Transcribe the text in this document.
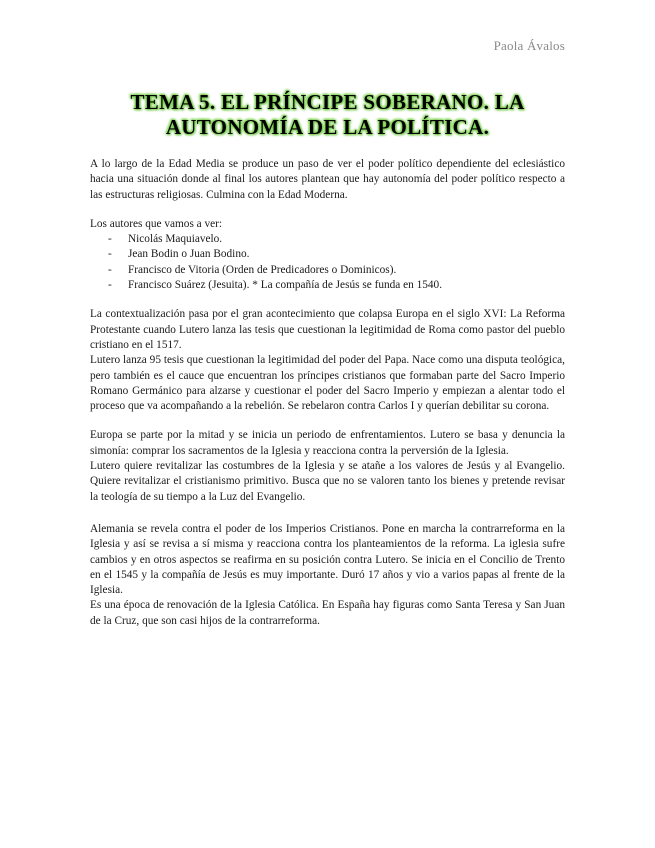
Paola Ávalos
TEMA 5. EL PRÍNCIPE SOBERANO. LA AUTONOMÍA DE LA POLÍTICA.

A lo largo de la Edad Media se produce un paso de ver el poder político dependiente del eclesiástico hacia una situación donde al final los autores plantean que hay autonomía del poder político respecto a las estructuras religiosas. Culmina con la Edad Moderna.

Los autores que vamos a ver:

- Nicolás Maquiavelo.
- Jean Bodin o Juan Bodino.
- Francisco de Vitoria (Orden de Predicadores o Dominicos).
- Francisco Suárez (Jesuita). * La compañía de Jesús se funda en 1540.

La contextualización pasa por el gran acontecimiento que colapsa Europa en el siglo XVI: La Reforma Protestante cuando Lutero lanza las tesis que cuestionan la legitimidad de Roma como pastor del pueblo cristiano en el 1517.

Lutero lanza 95 tesis que cuestionan la legitimidad del poder del Papa. Nace como una disputa teológica, pero también es el cauce que encuentran los príncipes cristianos que formaban parte del Sacro Imperio Romano Germánico para alzarse y cuestionar el poder del Sacro Imperio y empiezan a alentar todo el proceso que va acompañando a la rebelión. Se rebelaron contra Carlos I y querían debilitar su corona.

Europa se parte por la mitad y se inicia un periodo de enfrentamientos. Lutero se basa y denuncia la simonía: comprar los sacramentos de la Iglesia y reacciona contra la perversión de la Iglesia.

Lutero quiere revitalizar las costumbres de la Iglesia y se atañe a los valores de Jesús y al Evangelio. Quiere revitalizar el cristianismo primitivo. Busca que no se valoren tanto los bienes y pretende revisar la teología de su tiempo a la Luz del Evangelio.

Alemania se revela contra el poder de los Imperios Cristianos. Pone en marcha la contrarreforma en la Iglesia y así se revisa a sí misma y reacciona contra los planteamientos de la reforma. La iglesia sufre cambios y en otros aspectos se reafirma en su posición contra Lutero. Se inicia en el Concilio de Trento en el 1545 y la compañía de Jesús es muy importante. Duró 17 años y vio a varios papas al frente de la Iglesia.

Es una época de renovación de la Iglesia Católica. En España hay figuras como Santa Teresa y San Juan de la Cruz, que son casi hijos de la contrarreforma.
